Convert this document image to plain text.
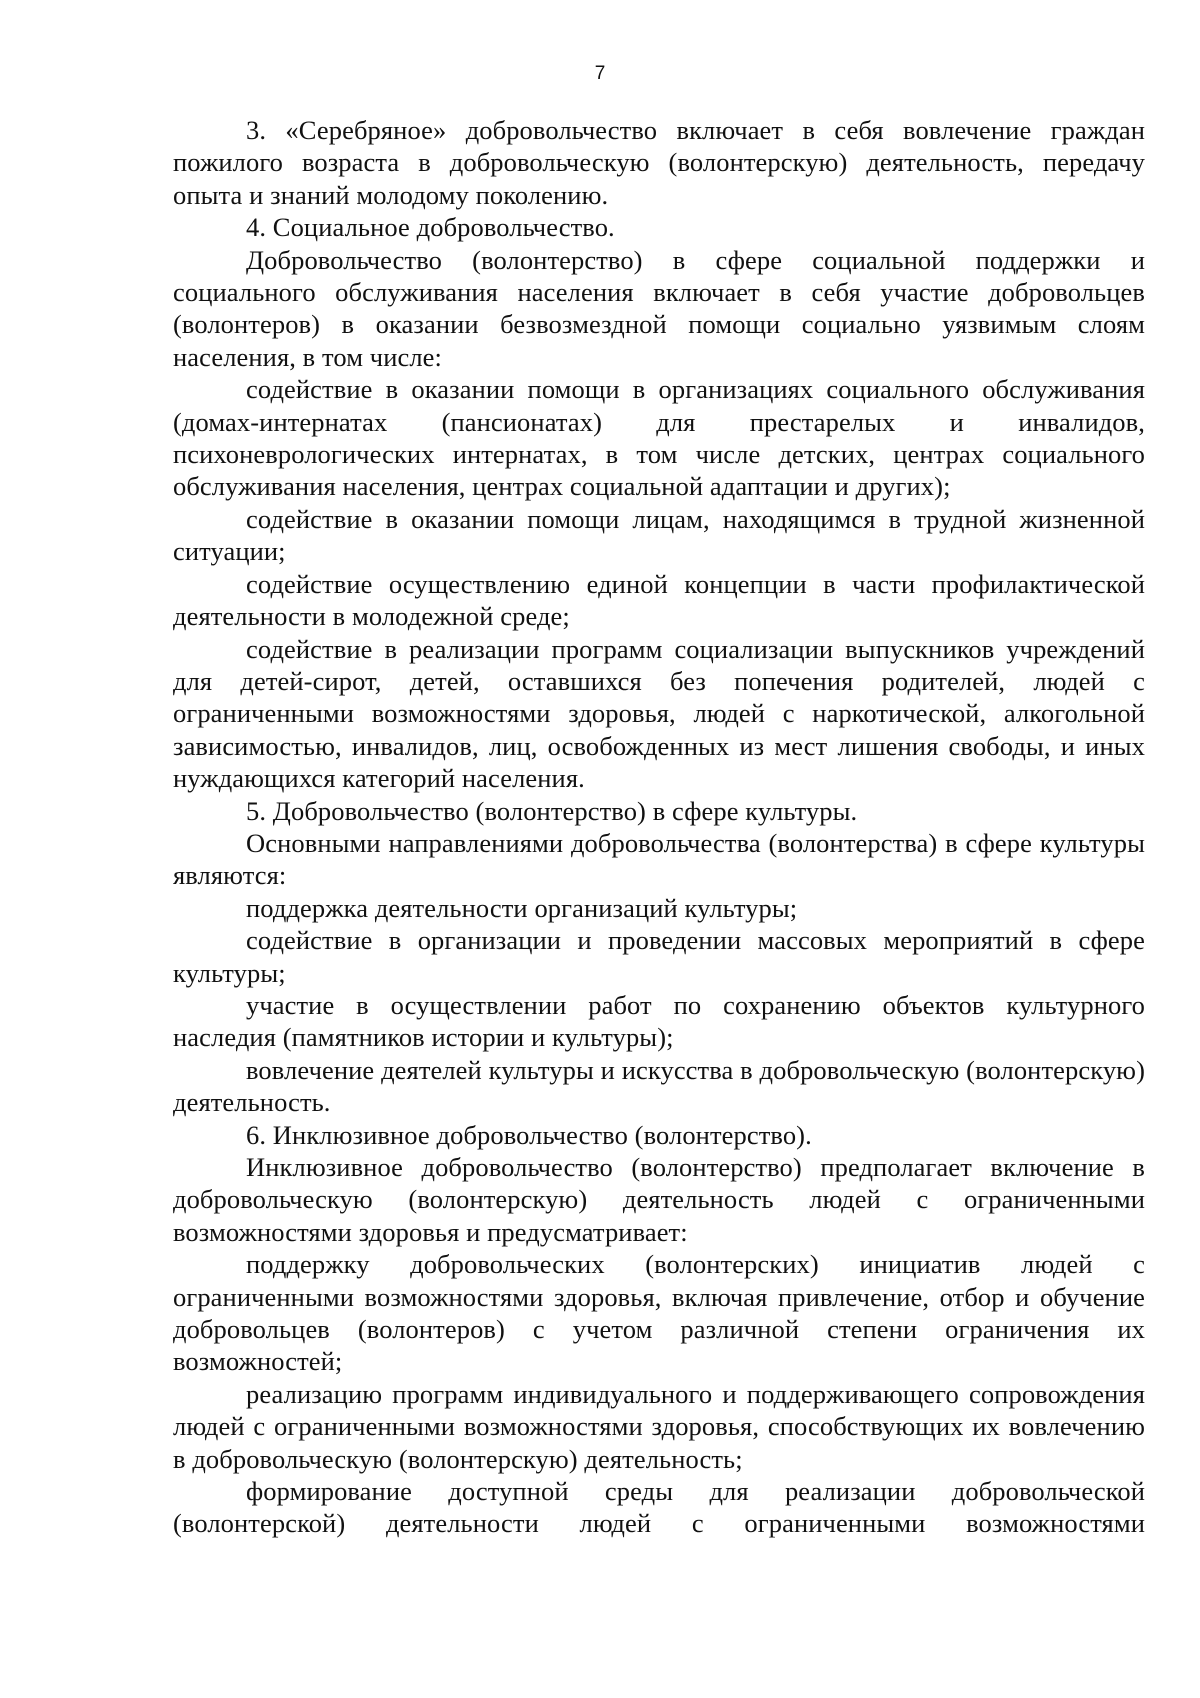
7

3. «Серебряное» добровольчество включает в себя вовлечение граждан пожилого возраста в добровольческую (волонтерскую) деятельность, передачу опыта и знаний молодому поколению.

4. Социальное добровольчество.

Добровольчество (волонтерство) в сфере социальной поддержки и социального обслуживания населения включает в себя участие добровольцев (волонтеров) в оказании безвозмездной помощи социально уязвимым слоям населения, в том числе:

содействие в оказании помощи в организациях социального обслуживания (домах-интернатах (пансионатах) для престарелых и инвалидов, психоневрологических интернатах, в том числе детских, центрах социального обслуживания населения, центрах социальной адаптации и других);

содействие в оказании помощи лицам, находящимся в трудной жизненной ситуации;

содействие осуществлению единой концепции в части профилактической деятельности в молодежной среде;

содействие в реализации программ социализации выпускников учреждений для детей-сирот, детей, оставшихся без попечения родителей, людей с ограниченными возможностями здоровья, людей с наркотической, алкогольной зависимостью, инвалидов, лиц, освобожденных из мест лишения свободы, и иных нуждающихся категорий населения.

5. Добровольчество (волонтерство) в сфере культуры.

Основными направлениями добровольчества (волонтерства) в сфере культуры являются:

поддержка деятельности организаций культуры;

содействие в организации и проведении массовых мероприятий в сфере культуры;

участие в осуществлении работ по сохранению объектов культурного наследия (памятников истории и культуры);

вовлечение деятелей культуры и искусства в добровольческую (волонтерскую) деятельность.

6. Инклюзивное добровольчество (волонтерство).

Инклюзивное добровольчество (волонтерство) предполагает включение в добровольческую (волонтерскую) деятельность людей с ограниченными возможностями здоровья и предусматривает:

поддержку добровольческих (волонтерских) инициатив людей с ограниченными возможностями здоровья, включая привлечение, отбор и обучение добровольцев (волонтеров) с учетом различной степени ограничения их возможностей;

реализацию программ индивидуального и поддерживающего сопровождения людей с ограниченными возможностями здоровья, способствующих их вовлечению в добровольческую (волонтерскую) деятельность;

формирование доступной среды для реализации добровольческой (волонтерской) деятельности людей с ограниченными возможностями
